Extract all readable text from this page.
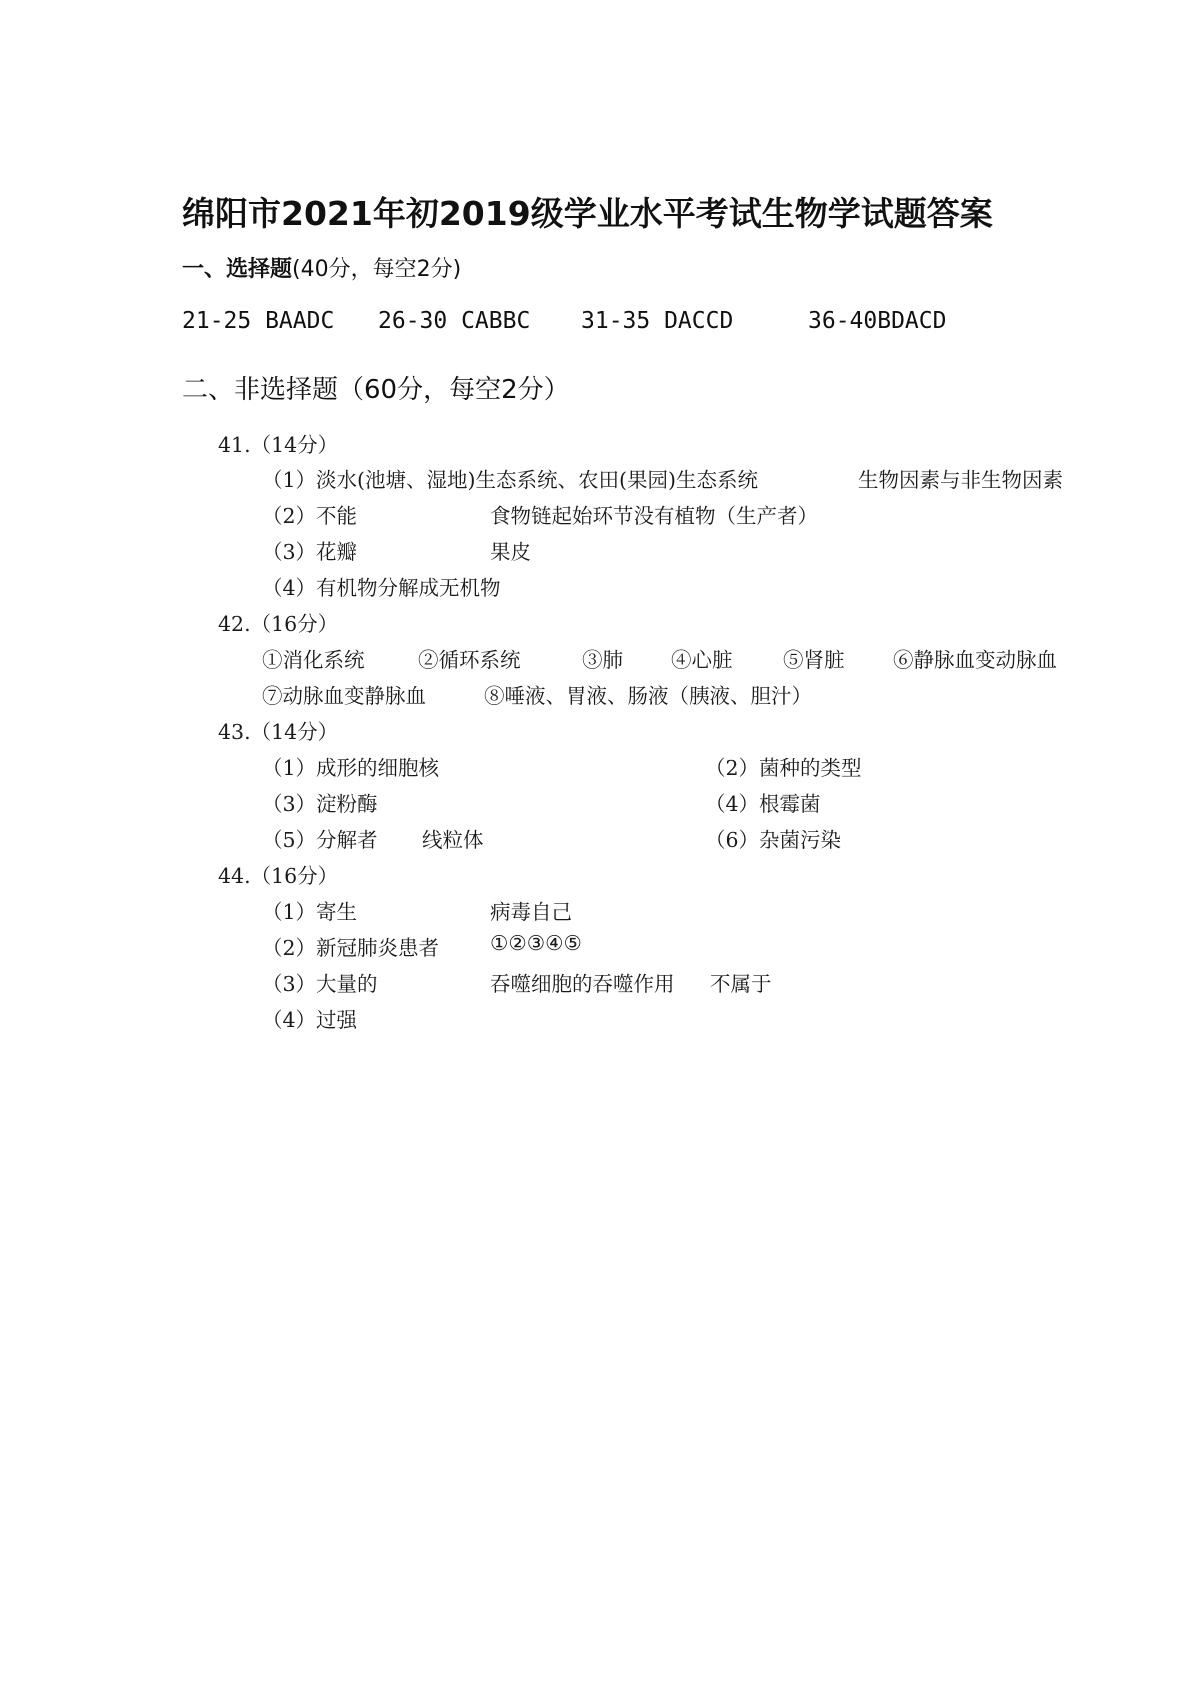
绵阳市2021年初2019级学业水平考试生物学试题答案
一、选择题(40分，每空2分)
21-25 BAADC 26-30 CABBC 31-35 DACCD	36-40BDACD
二、非选择题（60分，每空2分）
41.（14分）
（1）淡水(池塘、湿地)生态系统、农田(果园)生态系统	生物因素与非生物因素
（2）不能	食物链起始环节没有植物（生产者）
（3）花瓣	果皮
（4）有机物分解成无机物
42.（16分）
①消化系统	②循环系统	③肺 ④心脏 ⑤肾脏 ⑥静脉血变动脉血
⑦动脉血变静脉血	⑧唾液、胃液、肠液（胰液、胆汁）
43.（14分）
（1）成形的细胞核	（2）菌种的类型
（3）淀粉酶	（4）根霉菌
（5）分解者 线粒体	（6）杂菌污染
44.（16分）
（1）寄生	病毒自己
（2）新冠肺炎患者 ①②③④⑤
（3）大量的	吞噬细胞的吞噬作用 不属于
（4）过强
